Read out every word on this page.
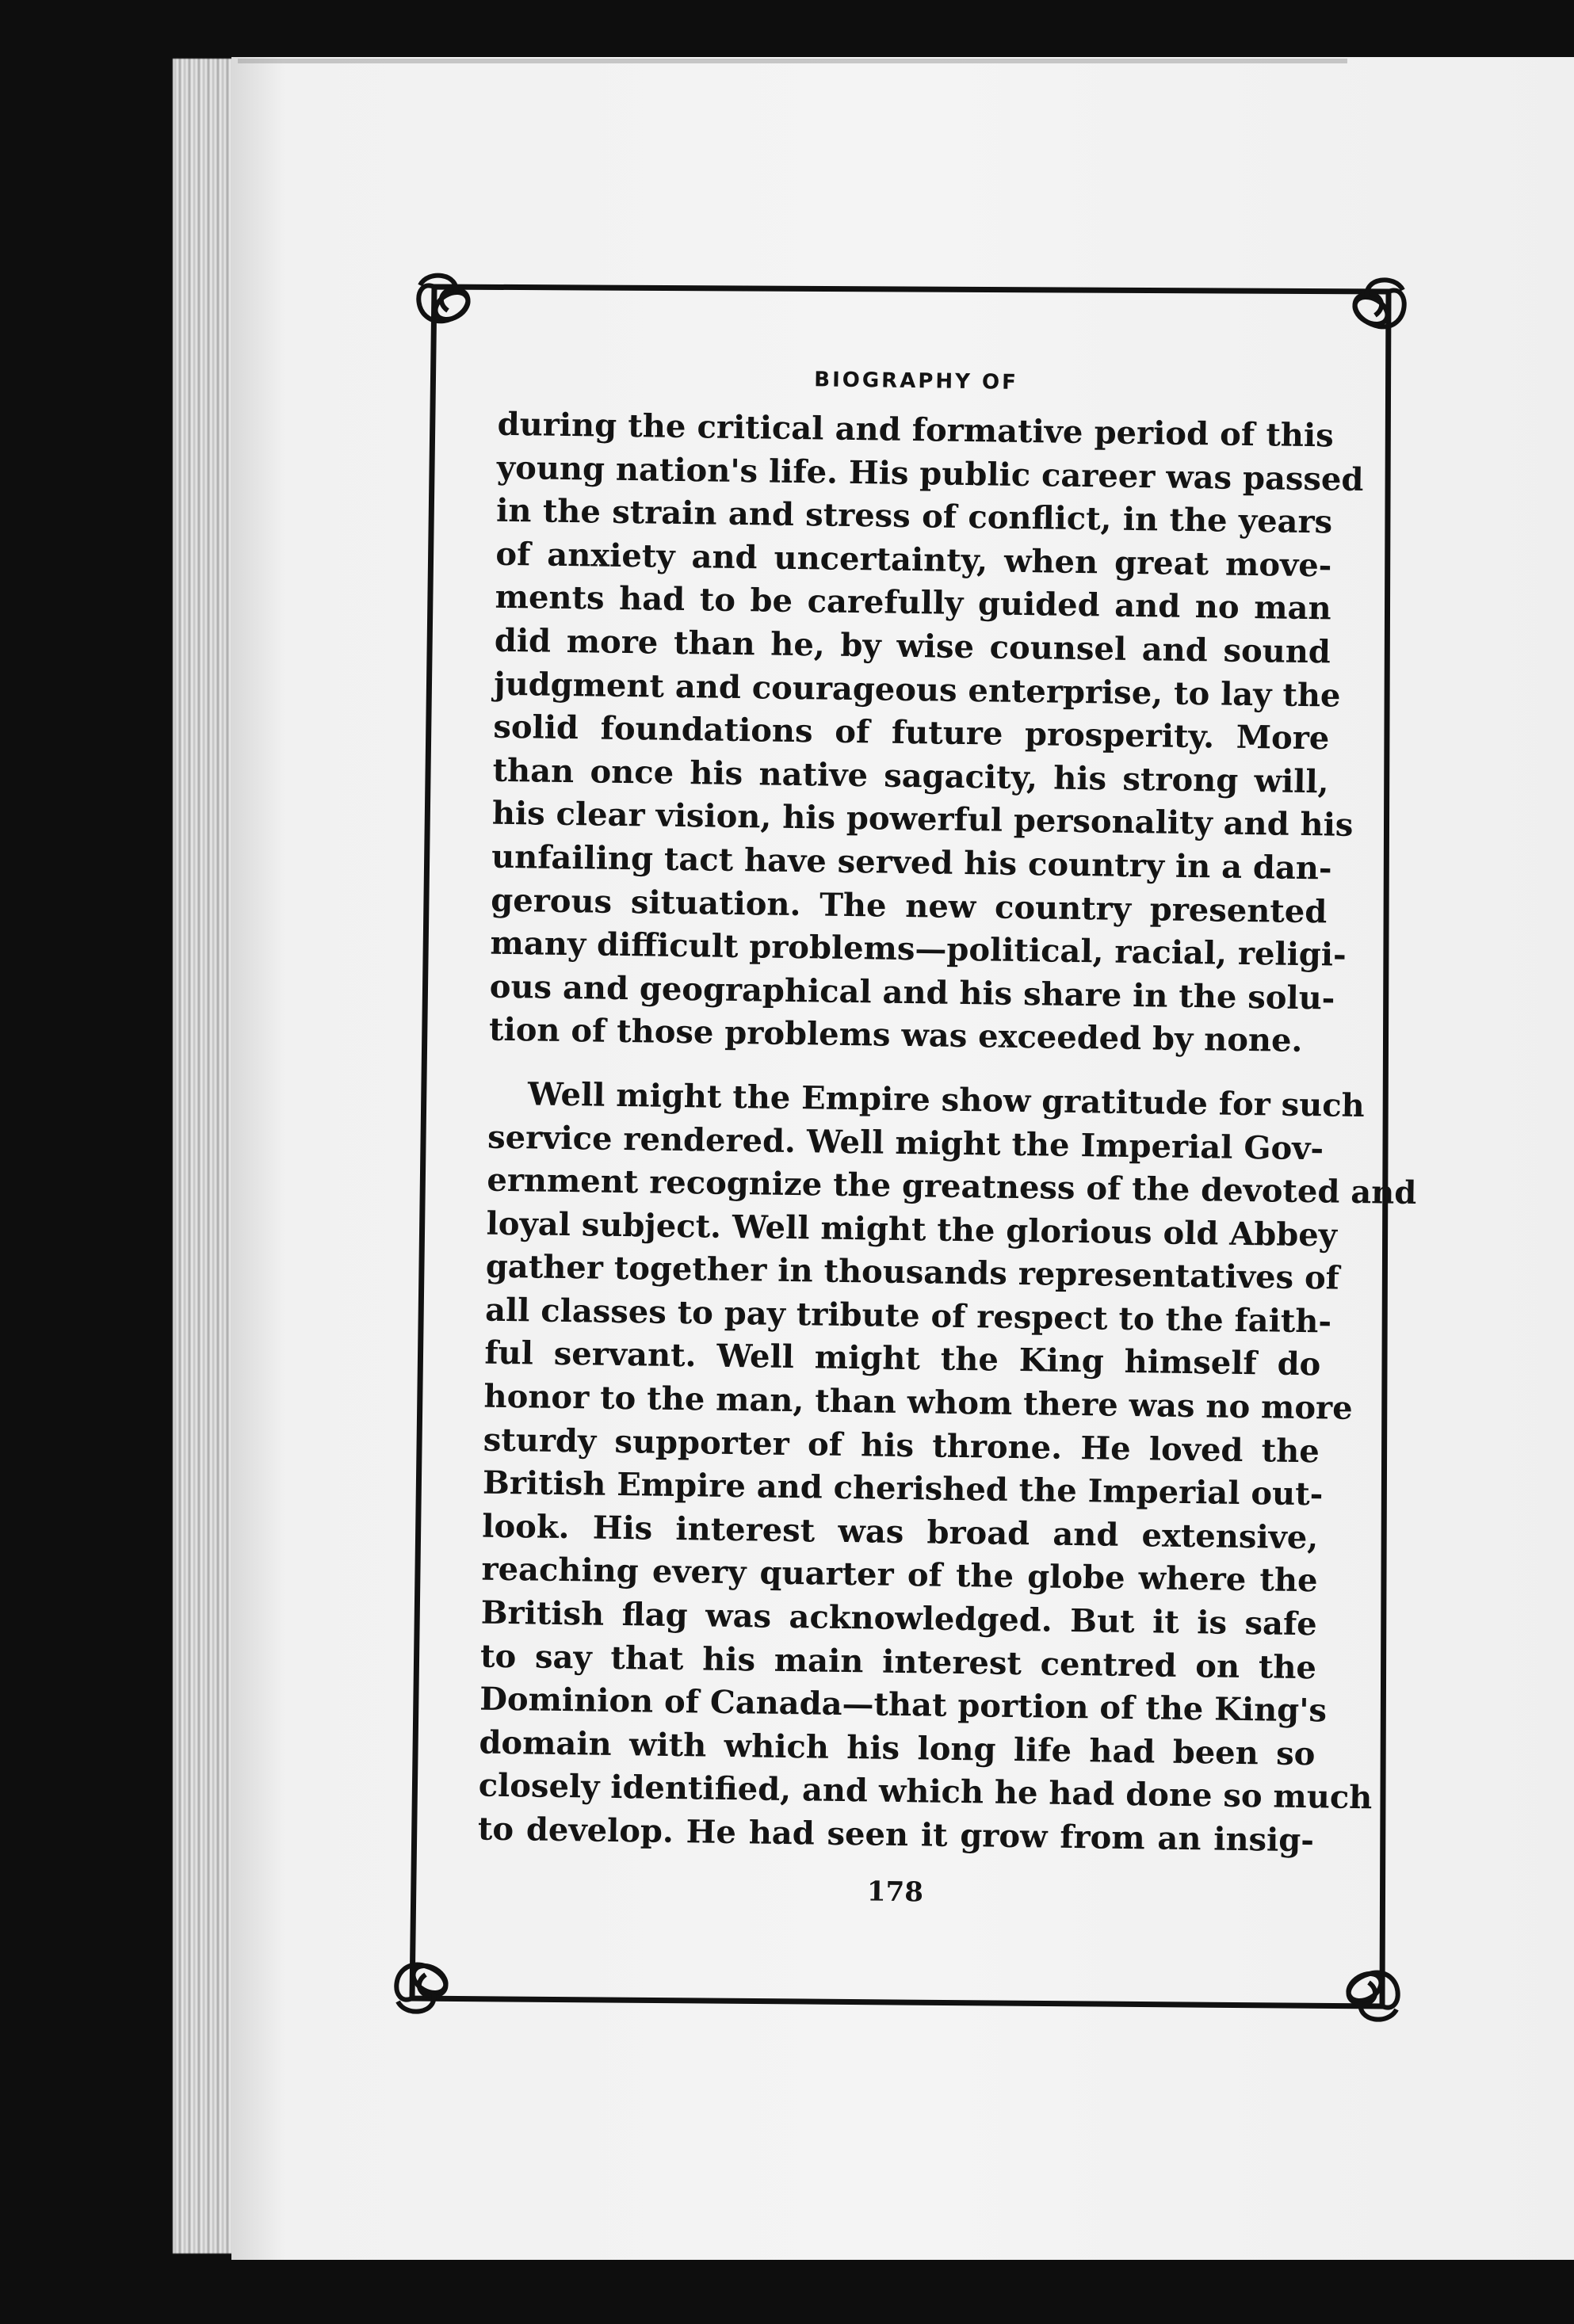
BIOGRAPHY OF
during the critical and formative period of this
young nation's life. His public career was passed
in the strain and stress of conflict, in the years
of anxiety and uncertainty, when great move-
ments had to be carefully guided and no man
did more than he, by wise counsel and sound
judgment and courageous enterprise, to lay the
solid foundations of future prosperity. More
than once his native sagacity, his strong will,
his clear vision, his powerful personality and his
unfailing tact have served his country in a dan-
gerous situation. The new country presented
many difficult problems—political, racial, religi-
ous and geographical and his share in the solu-
tion of those problems was exceeded by none.
Well might the Empire show gratitude for such
service rendered. Well might the Imperial Gov-
ernment recognize the greatness of the devoted and
loyal subject. Well might the glorious old Abbey
gather together in thousands representatives of
all classes to pay tribute of respect to the faith-
ful servant. Well might the King himself do
honor to the man, than whom there was no more
sturdy supporter of his throne. He loved the
British Empire and cherished the Imperial out-
look. His interest was broad and extensive,
reaching every quarter of the globe where the
British flag was acknowledged. But it is safe
to say that his main interest centred on the
Dominion of Canada—that portion of the King's
domain with which his long life had been so
closely identified, and which he had done so much
to develop. He had seen it grow from an insig-
178
